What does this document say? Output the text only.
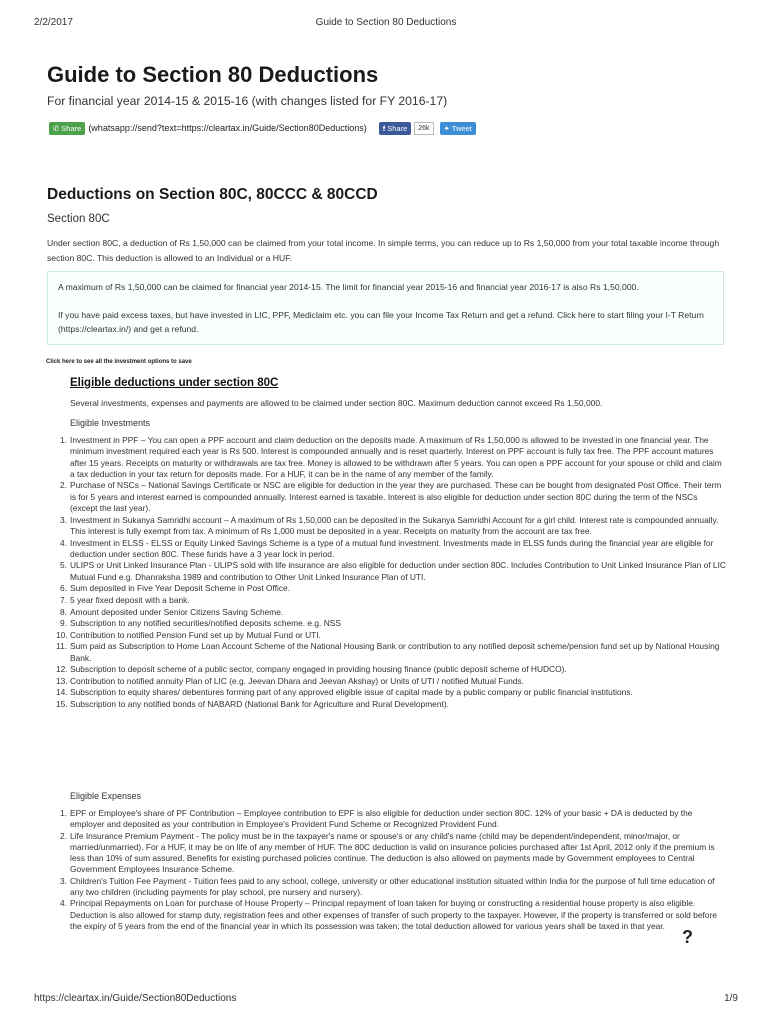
2/2/2017	Guide to Section 80 Deductions
· · · · · ·
Guide to Section 80 Deductions
For financial year 2014-15 & 2015-16 (with changes listed for FY 2016-17)
✆ Share (whatsapp://send?text=https://cleartax.in/Guide/Section80Deductions) f Share	26k	✦ Tweet
Deductions on Section 80C, 80CCC & 80CCD
Section 80C
Under section 80C, a deduction of Rs 1,50,000 can be claimed from your total income. In simple terms, you can reduce up to Rs 1,50,000 from your total taxable income through section 80C. This deduction is allowed to an Individual or a HUF.

A maximum of Rs 1,50,000 can be claimed for financial year 2014-15. The limit for financial year 2015-16 and financial year 2016-17 is also Rs 1,50,000.

If you have paid excess taxes, but have invested in LIC, PPF, Mediclaim etc. you can file your Income Tax Return and get a refund. Click here to start filing your I-T Return (https://cleartax.in/) and get a refund.

Click here to see all the investment options to save
Eligible deductions under section 80C
Several investments, expenses and payments are allowed to be claimed under section 80C. Maximum deduction cannot exceed Rs 1,50,000.
Eligible Investments
1. Investment in PPF – You can open a PPF account and claim deduction on the deposits made. A maximum of Rs 1,50,000 is allowed to be invested in one financial year. The minimum investment required each year is Rs 500. Interest is compounded annually and is reset quarterly. Interest on PPF account is fully tax free. The PPF account matures after 15 years. Receipts on maturity or withdrawals are tax free. Money is allowed to be withdrawn after 5 years. You can open a PPF account for your spouse or child and claim a tax deduction in your tax return for deposits made. For a HUF, it can be in the name of any member of the family.
2. Purchase of NSCs – National Savings Certificate or NSC are eligible for deduction in the year they are purchased. These can be bought from designated Post Office. Their term is for 5 years and interest earned is compounded annually. Interest earned is taxable. Interest is also eligible for deduction under section 80C during the term of the NSCs (except the last year).
3. Investment in Sukanya Samridhi account – A maximum of Rs 1,50,000 can be deposited in the Sukanya Samridhi Account for a girl child. Interest rate is compounded annually. This interest is fully exempt from tax. A minimum of Rs 1,000 must be deposited in a year. Receipts on maturity from the account are tax free.
4. Investment in ELSS - ELSS or Equity Linked Savings Scheme is a type of a mutual fund investment. Investments made in ELSS funds during the financial year are eligible for deduction under section 80C. These funds have a 3 year lock in period.
5. ULIPS or Unit Linked Insurance Plan - ULIPS sold with life insurance are also eligible for deduction under section 80C. Includes Contribution to Unit Linked Insurance Plan of LIC Mutual Fund e.g. Dhanraksha 1989 and contribution to Other Unit Linked Insurance Plan of UTI.
6. Sum deposited in Five Year Deposit Scheme in Post Office.
7. 5 year fixed deposit with a bank.
8. Amount deposited under Senior Citizens Saving Scheme.
9. Subscription to any notified securities/notified deposits scheme. e.g. NSS
10. Contribution to notified Pension Fund set up by Mutual Fund or UTI.
11. Sum paid as Subscription to Home Loan Account Scheme of the National Housing Bank or contribution to any notified deposit scheme/pension fund set up by National Housing Bank.
12. Subscription to deposit scheme of a public sector, company engaged in providing housing finance (public deposit scheme of HUDCO).
13. Contribution to notified annuity Plan of LIC (e.g. Jeevan Dhara and Jeevan Akshay) or Units of UTI / notified Mutual Funds.
14. Subscription to equity shares/ debentures forming part of any approved eligible issue of capital made by a public company or public financial institutions.
15. Subscription to any notified bonds of NABARD (National Bank for Agriculture and Rural Development).
Eligible Expenses
1. EPF or Employee's share of PF Contribution – Employee contribution to EPF is also eligible for deduction under section 80C. 12% of your basic + DA is deducted by the employer and deposited as your contribution in Employee's Provident Fund Scheme or Recognized Provident Fund.
2. Life Insurance Premium Payment - The policy must be in the taxpayer's name or spouse's or any child's name (child may be dependent/independent, minor/major, or married/unmarried). For a HUF, it may be on life of any member of HUF. The 80C deduction is valid on insurance policies purchased after 1st April, 2012 only if the premium is less than 10% of sum assured. Benefits for existing purchased policies continue. The deduction is also allowed on payments made by Government employees to Central Government Employees Insurance Scheme.
3. Children's Tuition Fee Payment - Tuition fees paid to any school, college, university or other educational institution situated within India for the purpose of full time education of any two children (including payments for play school, pre nursery and nursery).
4. Principal Repayments on Loan for purchase of House Property – Principal repayment of loan taken for buying or constructing a residential house property is also eligible. Deduction is also allowed for stamp duty, registration fees and other expenses of transfer of such property to the taxpayer. However, if the property is transferred or sold before the expiry of 5 years from the end of the financial year in which its possession was taken; the total deduction allowed for various years shall be taxed in that year.
?
https://cleartax.in/Guide/Section80Deductions	1/9
